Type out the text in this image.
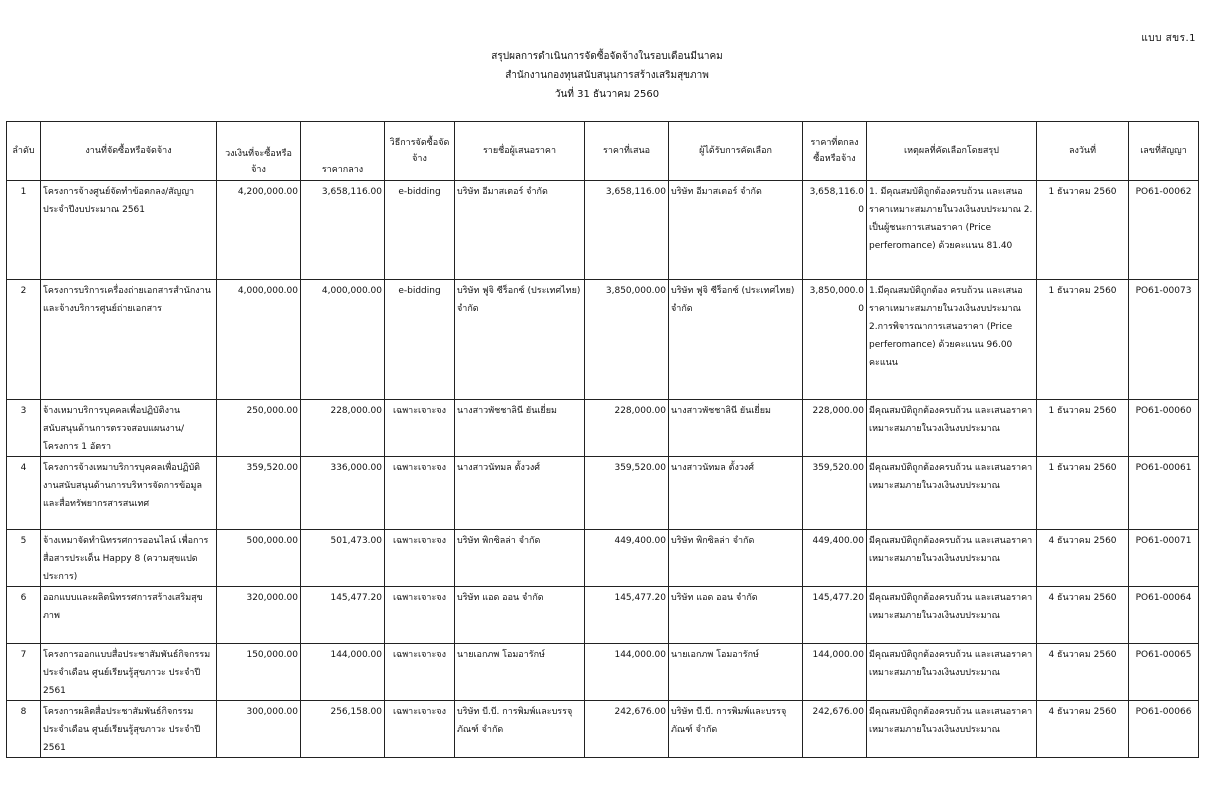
แบบ สขร.1
สรุปผลการดำเนินการจัดซื้อจัดจ้างในรอบเดือนมีนาคม
สำนักงานกองทุนสนับสนุนการสร้างเสริมสุขภาพ
วันที่ 31 ธันวาคม 2560
ลำดับ	งานที่จัดซื้อหรือจัดจ้าง	วงเงินที่จะซื้อหรือจ้าง	ราคากลาง	วิธีการจัดซื้อจัดจ้าง	รายชื่อผู้เสนอราคา	ราคาที่เสนอ	ผู้ได้รับการคัดเลือก	ราคาที่ตกลงซื้อหรือจ้าง	เหตุผลที่คัดเลือกโดยสรุป	ลงวันที่	เลขที่สัญญา
1	โครงการจ้างศูนย์จัดทำข้อตกลง/สัญญาประจำปีงบประมาณ 2561	4,200,000.00	3,658,116.00	e-bidding	บริษัท อีมาสเตอร์ จำกัด	3,658,116.00	บริษัท อีมาสเตอร์ จำกัด	3,658,116.00	1. มีคุณสมบัติถูกต้องครบถ้วน และเสนอราคาเหมาะสมภายในวงเงินงบประมาณ 2. เป็นผู้ชนะการเสนอราคา (Price perferomance) ด้วยคะแนน 81.40	1 ธันวาคม 2560	PO61-00062
2	โครงการบริการเครื่องถ่ายเอกสารสำนักงานและจ้างบริการศูนย์ถ่ายเอกสาร	4,000,000.00	4,000,000.00	e-bidding	บริษัท ฟูจิ ซีร็อกซ์ (ประเทศไทย) จำกัด	3,850,000.00	บริษัท ฟูจิ ซีร็อกซ์ (ประเทศไทย) จำกัด	3,850,000.00	1.มีคุณสมบัติถูกต้อง ครบถ้วน และเสนอราคาเหมาะสมภายในวงเงินงบประมาณ 2.การพิจารณาการเสนอราคา (Price perferomance) ด้วยคะแนน 96.00 คะแนน	1 ธันวาคม 2560	PO61-00073
3	จ้างเหมาบริการบุคคลเพื่อปฏิบัติงานสนับสนุนด้านการตรวจสอบแผนงาน/โครงการ 1 อัตรา	250,000.00	228,000.00	เฉพาะเจาะจง	นางสาวพัชชาลินี ยันเยี่ยม	228,000.00	นางสาวพัชชาลินี ยันเยี่ยม	228,000.00	มีคุณสมบัติถูกต้องครบถ้วน และเสนอราคาเหมาะสมภายในวงเงินงบประมาณ	1 ธันวาคม 2560	PO61-00060
4	โครงการจ้างเหมาบริการบุคคลเพื่อปฏิบัติงานสนับสนุนด้านการบริหารจัดการข้อมูลและสื่อทรัพยากรสารสนเทศ	359,520.00	336,000.00	เฉพาะเจาะจง	นางสาวนัทมล ตั้งวงศ์	359,520.00	นางสาวนัทมล ตั้งวงศ์	359,520.00	มีคุณสมบัติถูกต้องครบถ้วน และเสนอราคาเหมาะสมภายในวงเงินงบประมาณ	1 ธันวาคม 2560	PO61-00061
5	จ้างเหมาจัดทำนิทรรศการออนไลน์ เพื่อการสื่อสารประเด็น Happy 8 (ความสุขแปดประการ)	500,000.00	501,473.00	เฉพาะเจาะจง	บริษัท พิกซิลล่า จำกัด	449,400.00	บริษัท พิกซิลล่า จำกัด	449,400.00	มีคุณสมบัติถูกต้องครบถ้วน และเสนอราคาเหมาะสมภายในวงเงินงบประมาณ	4 ธันวาคม 2560	PO61-00071
6	ออกแบบและผลิตนิทรรศการสร้างเสริมสุขภาพ	320,000.00	145,477.20	เฉพาะเจาะจง	บริษัท แอด ออน จำกัด	145,477.20	บริษัท แอด ออน จำกัด	145,477.20	มีคุณสมบัติถูกต้องครบถ้วน และเสนอราคาเหมาะสมภายในวงเงินงบประมาณ	4 ธันวาคม 2560	PO61-00064
7	โครงการออกแบบสื่อประชาสัมพันธ์กิจกรรมประจำเดือน ศูนย์เรียนรู้สุขภาวะ ประจำปี 2561	150,000.00	144,000.00	เฉพาะเจาะจง	นายเอกภพ โอมอารักษ์	144,000.00	นายเอกภพ โอมอารักษ์	144,000.00	มีคุณสมบัติถูกต้องครบถ้วน และเสนอราคาเหมาะสมภายในวงเงินงบประมาณ	4 ธันวาคม 2560	PO61-00065
8	โครงการผลิตสื่อประชาสัมพันธ์กิจกรรมประจำเดือน ศูนย์เรียนรู้สุขภาวะ ประจำปี 2561	300,000.00	256,158.00	เฉพาะเจาะจง	บริษัท บี.บี. การพิมพ์และบรรจุภัณฑ์ จำกัด	242,676.00	บริษัท บี.บี. การพิมพ์และบรรจุภัณฑ์ จำกัด	242,676.00	มีคุณสมบัติถูกต้องครบถ้วน และเสนอราคาเหมาะสมภายในวงเงินงบประมาณ	4 ธันวาคม 2560	PO61-00066
